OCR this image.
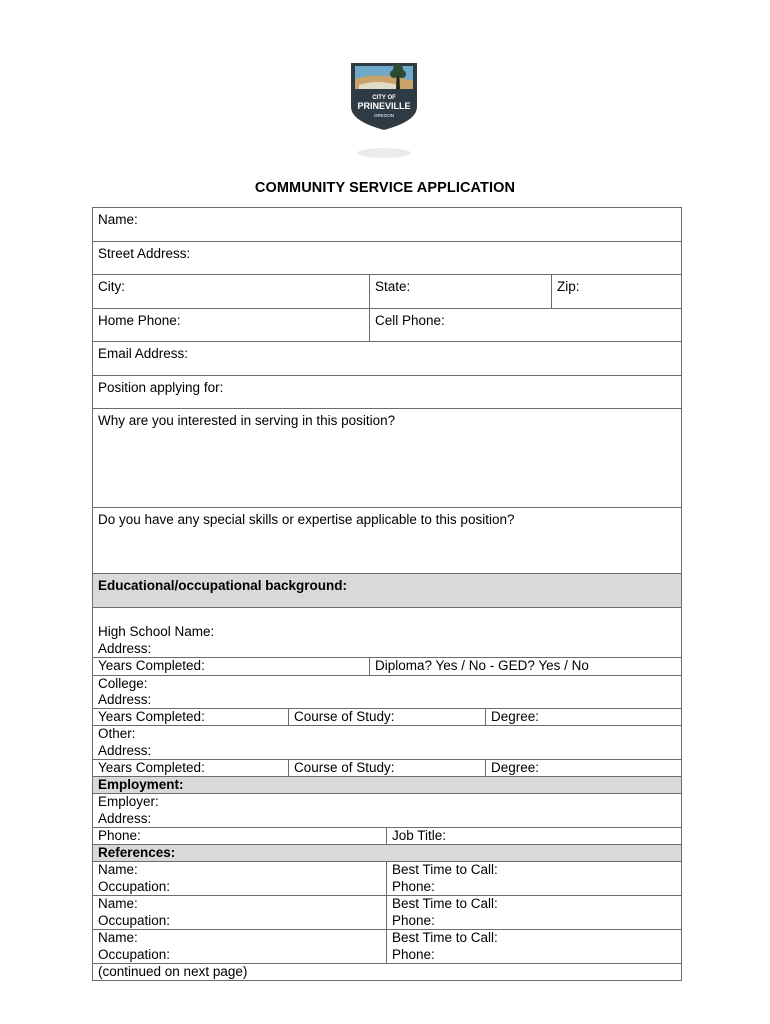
CITY OF
PRINEVILLE
OREGON
COMMUNITY SERVICE APPLICATION
Name:
Street Address:
City:	State:	Zip:
Home Phone:	Cell Phone:
Email Address:
Position applying for:
Why are you interested in serving in this position?
Do you have any special skills or expertise applicable to this position?
Educational/occupational background:
High School Name:
Address:
Years Completed:	Diploma? Yes / No - GED? Yes / No
College:
Address:
Years Completed:	Course of Study:	Degree:
Other:
Address:
Years Completed:	Course of Study:	Degree:
Employment:
Employer:
Address:
Phone:	Job Title:
References:
Name:	Best Time to Call:
Occupation:	Phone:
Name:	Best Time to Call:
Occupation:	Phone:
Name:	Best Time to Call:
Occupation:	Phone:
(continued on next page)
